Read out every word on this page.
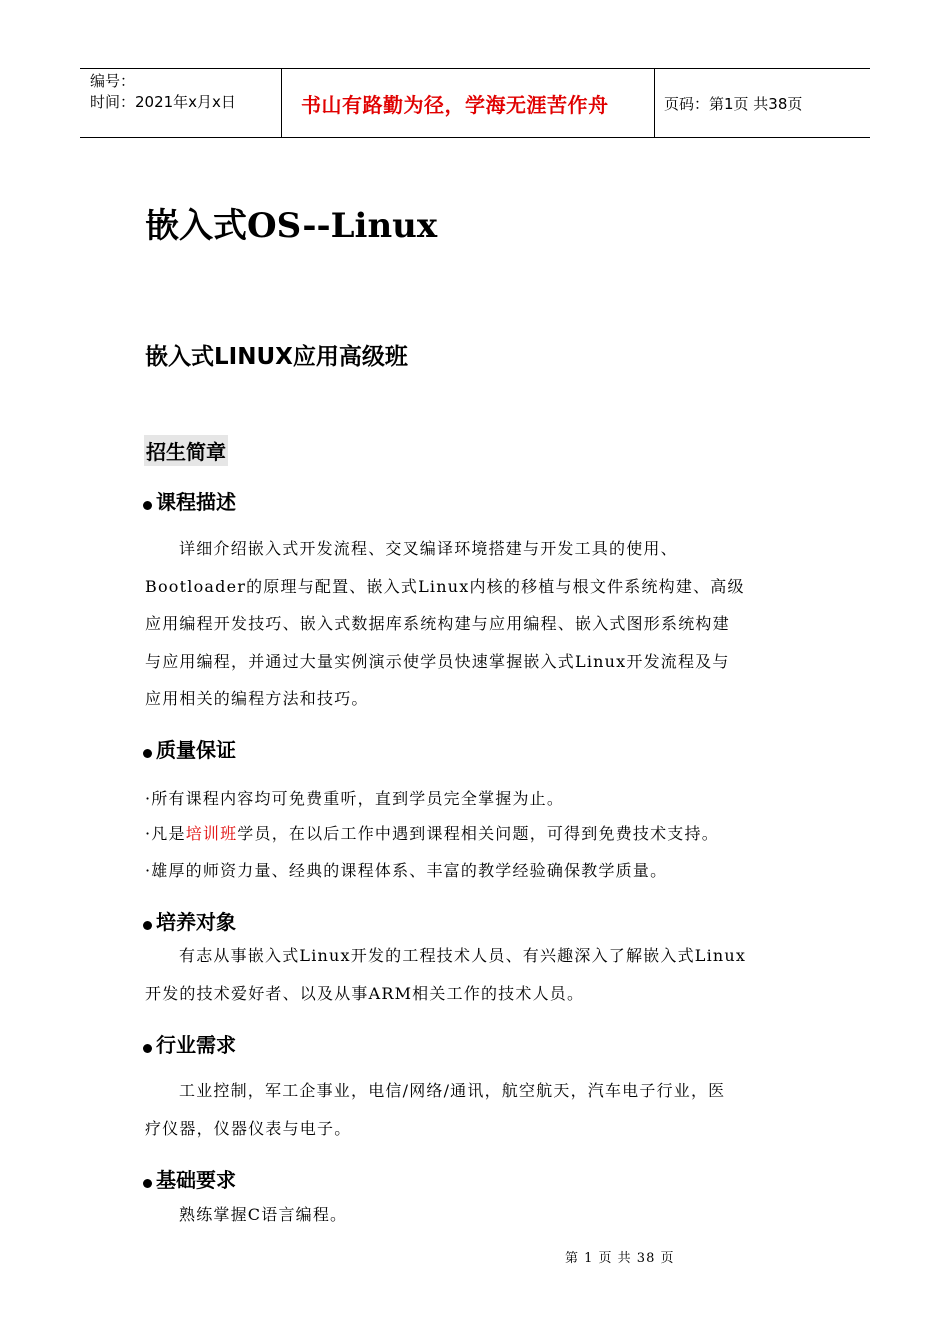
编号：
时间：2021年x月x日	书山有路勤为径，学海无涯苦作舟	页码：第1页 共38页
嵌入式OS--Linux
嵌入式LINUX应用高级班
招生简章
课程描述
详细介绍嵌入式开发流程、交叉编译环境搭建与开发工具的使用、
Bootloader的原理与配置、嵌入式Linux内核的移植与根文件系统构建、高级
应用编程开发技巧、嵌入式数据库系统构建与应用编程、嵌入式图形系统构建
与应用编程，并通过大量实例演示使学员快速掌握嵌入式Linux开发流程及与
应用相关的编程方法和技巧。
质量保证
·所有课程内容均可免费重听，直到学员完全掌握为止。
·凡是培训班学员，在以后工作中遇到课程相关问题，可得到免费技术支持。
·雄厚的师资力量、经典的课程体系、丰富的教学经验确保教学质量。
培养对象
有志从事嵌入式Linux开发的工程技术人员、有兴趣深入了解嵌入式Linux
开发的技术爱好者、以及从事ARM相关工作的技术人员。
行业需求
工业控制，军工企事业，电信/网络/通讯，航空航天，汽车电子行业，医
疗仪器，仪器仪表与电子。
基础要求
熟练掌握C语言编程。
第 1 页 共 38 页
